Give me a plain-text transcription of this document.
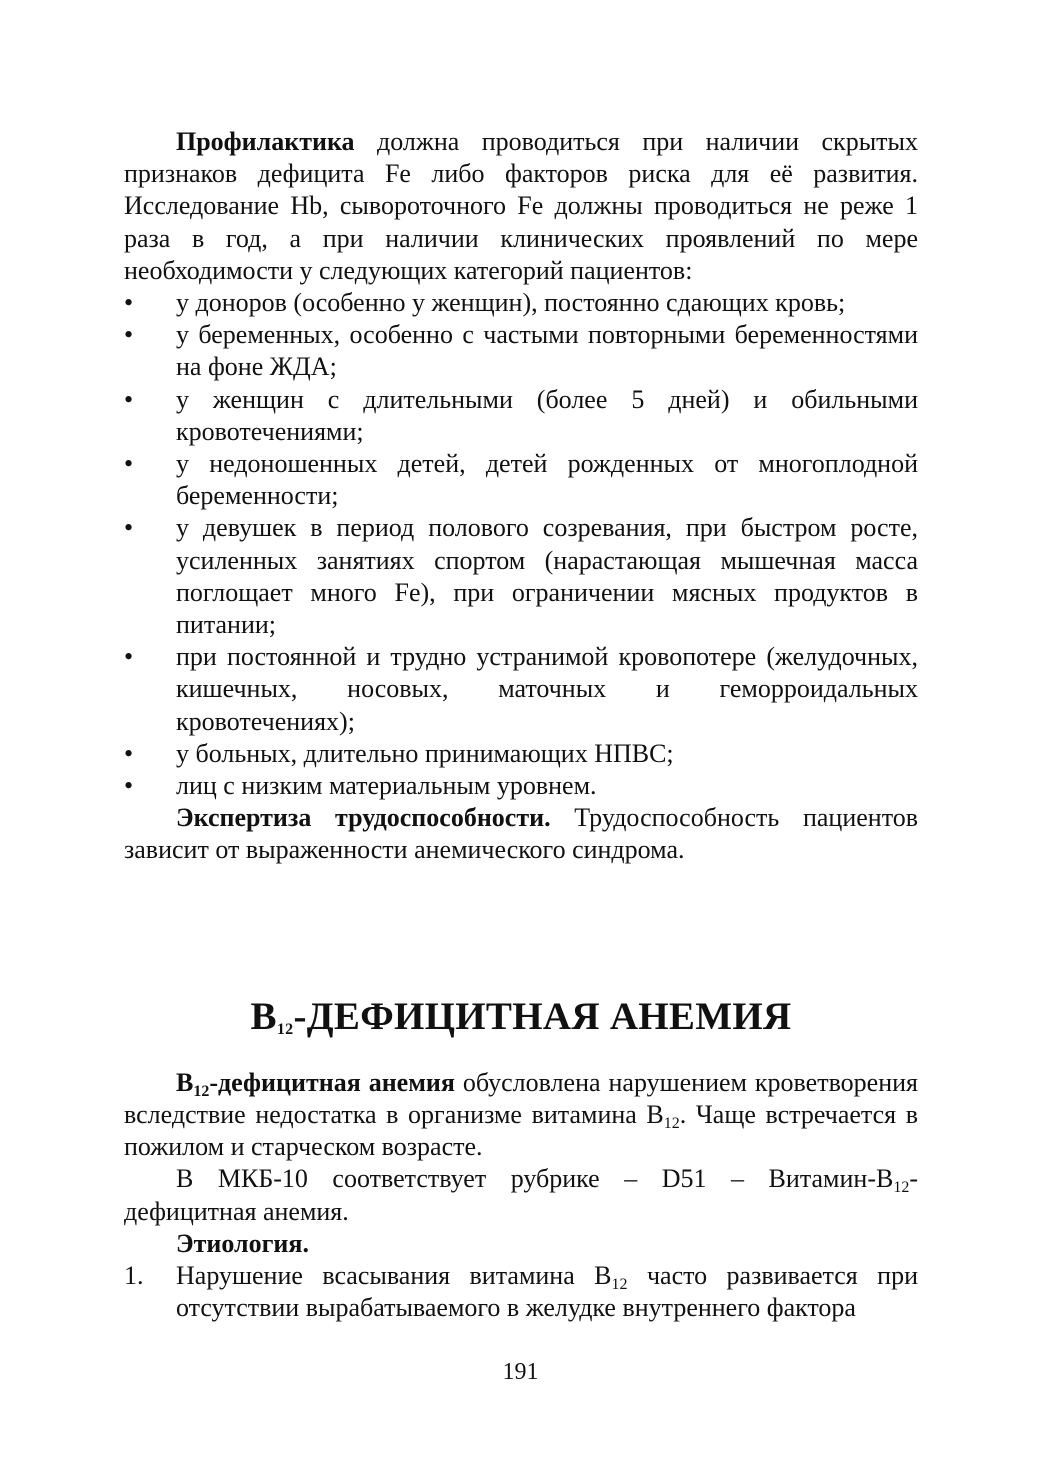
Профилактика должна проводиться при наличии скрытых признаков дефицита Fe либо факторов риска для её развития. Исследование Hb, сывороточного Fe должны проводиться не реже 1 раза в год, а при наличии клинических проявлений по мере необходимости у следующих категорий пациентов:

•	у доноров (особенно у женщин), постоянно сдающих кровь;
•	у беременных, особенно с частыми повторными беременностями на фоне ЖДА;
•	у женщин с длительными (более 5 дней) и обильными кровотечениями;
•	у недоношенных детей, детей рожденных от многоплодной беременности;
•	у девушек в период полового созревания, при быстром росте, усиленных занятиях спортом (нарастающая мышечная масса поглощает много Fe), при ограничении мясных продуктов в питании;
•	при постоянной и трудно устранимой кровопотере (желудочных, кишечных, носовых, маточных и геморроидальных кровотечениях);
•	у больных, длительно принимающих НПВС;
•	лиц с низким материальным уровнем.

Экспертиза трудоспособности. Трудоспособность пациентов зависит от выраженности анемического синдрома.

$В_{12}$-ДЕФИЦИТНАЯ АНЕМИЯ

$В_{12}$-дефицитная анемия обусловлена нарушением кроветворения вследствие недостатка в организме витамина $В_{12}$. Чаще встречается в пожилом и старческом возрасте.

В МКБ-10 соответствует рубрике – D51 – Витамин-$В_{12}$-дефицитная анемия.

Этиология.

1. Нарушение всасывания витамина $В_{12}$ часто развивается при отсутствии вырабатываемого в желудке внутреннего фактора
191
